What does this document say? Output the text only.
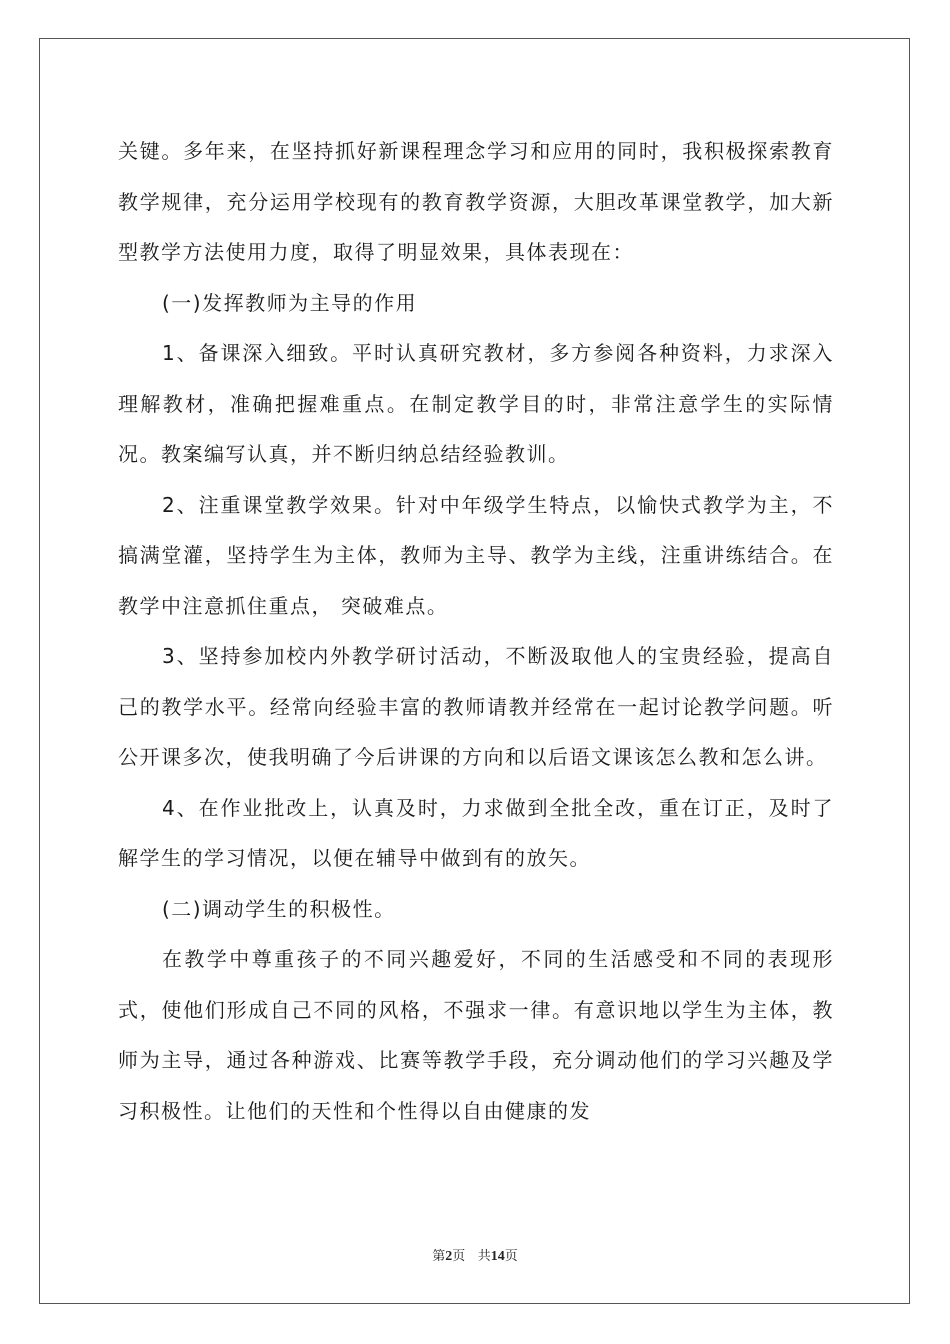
关键。多年来，在坚持抓好新课程理念学习和应用的同时，我积极探索教育教学规律，充分运用学校现有的教育教学资源，大胆改革课堂教学，加大新型教学方法使用力度，取得了明显效果，具体表现在：

(一)发挥教师为主导的作用

1、备课深入细致。平时认真研究教材，多方参阅各种资料，力求深入理解教材，准确把握难重点。在制定教学目的时，非常注意学生的实际情况。教案编写认真，并不断归纳总结经验教训。

2、注重课堂教学效果。针对中年级学生特点，以愉快式教学为主，不搞满堂灌，坚持学生为主体，教师为主导、教学为主线，注重讲练结合。在教学中注意抓住重点， 突破难点。

3、坚持参加校内外教学研讨活动，不断汲取他人的宝贵经验，提高自己的教学水平。经常向经验丰富的教师请教并经常在一起讨论教学问题。听公开课多次，使我明确了今后讲课的方向和以后语文课该怎么教和怎么讲。

4、在作业批改上，认真及时，力求做到全批全改，重在订正，及时了解学生的学习情况，以便在辅导中做到有的放矢。

(二)调动学生的积极性。

在教学中尊重孩子的不同兴趣爱好，不同的生活感受和不同的表现形式，使他们形成自己不同的风格，不强求一律。有意识地以学生为主体，教师为主导，通过各种游戏、比赛等教学手段，充分调动他们的学习兴趣及学习积极性。让他们的天性和个性得以自由健康的发

第2页 共14页
